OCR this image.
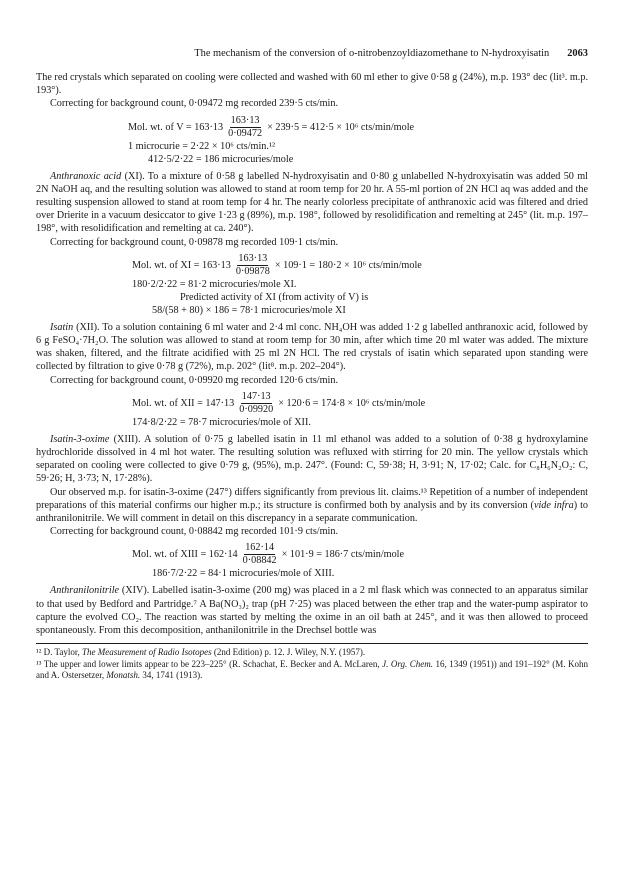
The mechanism of the conversion of o-nitrobenzoyldiazomethane to N-hydroxyisatin 2063

The red crystals which separated on cooling were collected and washed with 60 ml ether to give 0·58 g (24%), m.p. 193° dec (lit³. m.p. 193°).

Correcting for background count, 0·09472 mg recorded 239·5 cts/min.

Mol. wt. of $V = 163\cdot 13 \frac{163\cdot 13}{0\cdot 09472} \times 239\cdot 5 = 412\cdot 5 \times 10^6$ cts/min/mole
1 microcurie = 2·22 × 10⁶ cts/min.¹²
412·5/2·22 = 186 microcuries/mole

Anthranoxic acid (XI). To a mixture of 0·58 g labelled N-hydroxyisatin and 0·80 g unlabelled N-hydroxyisatin was added 50 ml 2N NaOH aq, and the resulting solution was allowed to stand at room temp for 20 hr. A 55-ml portion of 2N HCl aq was added and the resulting suspension allowed to stand at room temp for 4 hr. The nearly colorless precipitate of anthranoxic acid was filtered and dried over Drierite in a vacuum desiccator to give 1·23 g (89%), m.p. 198°, followed by resolidification and remelting at 245° (lit. m.p. 197–198°, with resolidification and remelting at ca. 240°).

Correcting for background count, 0·09878 mg recorded 109·1 cts/min.

Mol. wt. of XI = $163\cdot 13 \frac{163\cdot 13}{0\cdot 09878} \times 109\cdot 1 = 180\cdot 2 \times 10^6$ cts/min/mole
180·2/2·22 = 81·2 microcuries/mole XI.
Predicted activity of XI (from activity of V) is
58/(58 + 80) × 186 = 78·1 microcuries/mole XI

Isatin (XII). To a solution containing 6 ml water and 2·4 ml conc. NH₄OH was added 1·2 g labelled anthranoxic acid, followed by 6 g FeSO₄·7H₂O. The solution was allowed to stand at room temp for 30 min, after which time 20 ml water was added. The mixture was shaken, filtered, and the filtrate acidified with 25 ml 2N HCl. The red crystals of isatin which separated upon standing were collected by filtration to give 0·78 g (72%), m.p. 202° (lit⁸. m.p. 202–204°).

Correcting for background count, 0·09920 mg recorded 120·6 cts/min.

Mol. wt. of XII = $147\cdot 13 \frac{147\cdot 13}{0\cdot 09920} \times 120\cdot 6 = 174\cdot 8 \times 10^6$ cts/min/mole
174·8/2·22 = 78·7 microcuries/mole of XII.

Isatin-3-oxime (XIII). A solution of 0·75 g labelled isatin in 11 ml ethanol was added to a solution of 0·38 g hydroxylamine hydrochloride dissolved in 4 ml hot water. The resulting solution was refluxed with stirring for 20 min. The yellow crystals which separated on cooling were collected to give 0·79 g, (95%), m.p. 247°. (Found: C, 59·38; H, 3·91; N, 17·02; Calc. for C₈H₆N₂O₂: C, 59·26; H, 3·73; N, 17·28%).

Our observed m.p. for isatin-3-oxime (247°) differs significantly from previous lit. claims.¹³ Repetition of a number of independent preparations of this material confirms our higher m.p.; its structure is confirmed both by analysis and by its conversion (vide infra) to anthranilonitrile. We will comment in detail on this discrepancy in a separate communication.

Correcting for background count, 0·08842 mg recorded 101·9 cts/min.

Mol. wt. of XIII = $162\cdot 14 \frac{162\cdot 14}{0\cdot 08842} \times 101\cdot 9 = 186\cdot 7$ cts/min/mole
186·7/2·22 = 84·1 microcuries/mole of XIII.

Anthranilonitrile (XIV). Labelled isatin-3-oxime (200 mg) was placed in a 2 ml flask which was connected to an apparatus similar to that used by Bedford and Partridge.⁷ A Ba(NO₃)₂ trap (pH 7·25) was placed between the ether trap and the water-pump aspirator to capture the evolved CO₂. The reaction was started by melting the oxime in an oil bath at 245°, and it was then allowed to proceed spontaneously. From this decomposition, anthanilonitrile in the Drechsel bottle was

¹² D. Taylor, The Measurement of Radio Isotopes (2nd Edition) p. 12. J. Wiley, N.Y. (1957).

¹³ The upper and lower limits appear to be 223–225° (R. Schachat, E. Becker and A. McLaren, J. Org. Chem. 16, 1349 (1951)) and 191–192° (M. Kohn and A. Ostersetzer, Monatsh. 34, 1741 (1913).
